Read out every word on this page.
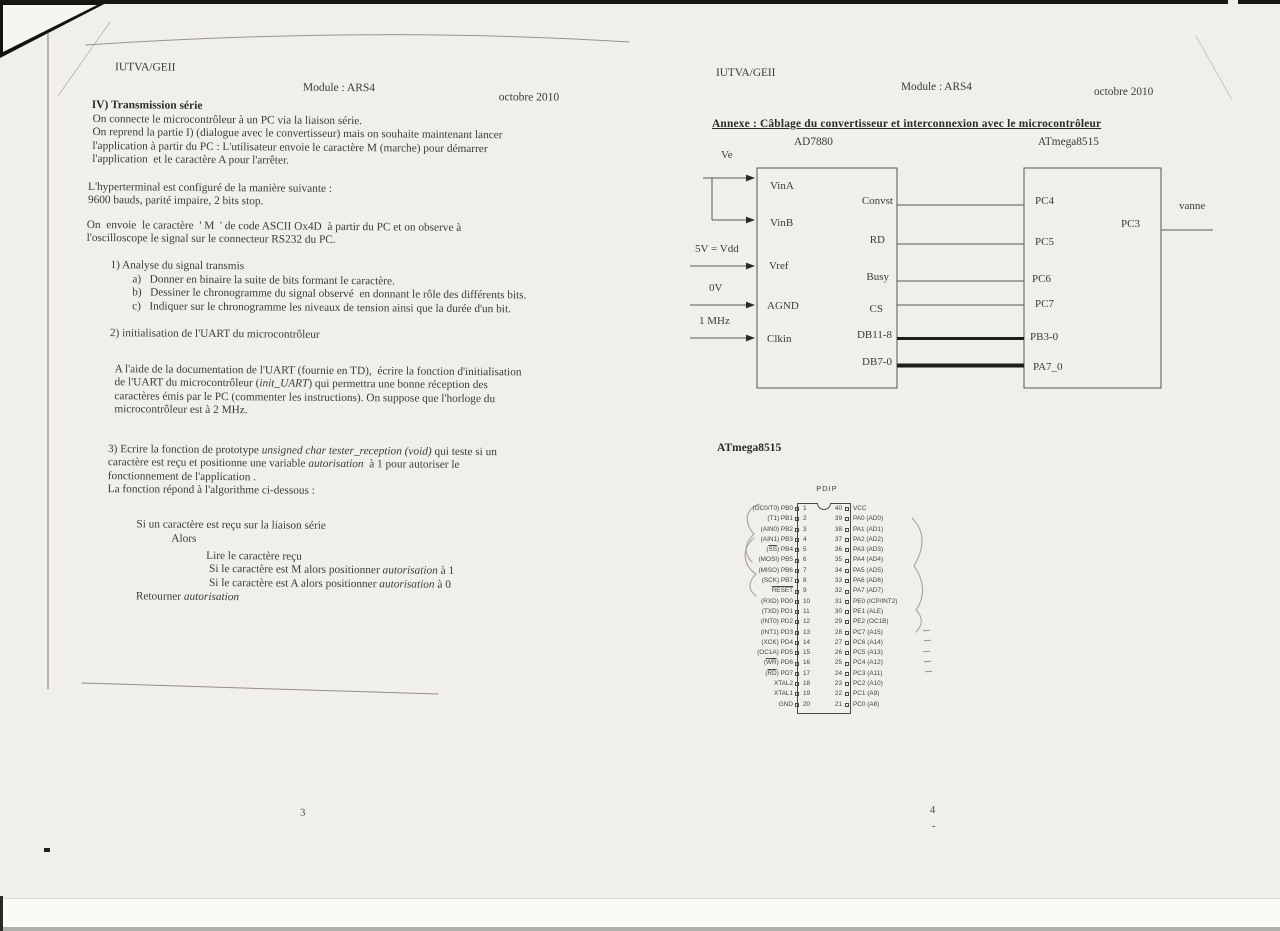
IUTVA/GEII
Module : ARS4
octobre 2010
IV) Transmission série
On connecte le microcontrôleur à un PC via la liaison série.
On reprend la partie I) (dialogue avec le convertisseur) mais on souhaite maintenant lancer
l'application à partir du PC : L'utilisateur envoie le caractère M (marche) pour démarrer
l'application  et le caractère A pour l'arrêter.
L'hyperterminal est configuré de la manière suivante :
9600 bauds, parité impaire, 2 bits stop.
On  envoie  le caractère  ' M  ' de code ASCII Ox4D  à partir du PC et on observe à
l'oscilloscope le signal sur le connecteur RS232 du PC.
1) Analyse du signal transmis
a)   Donner en binaire la suite de bits formant le caractère.
b)   Dessiner le chronogramme du signal observé  en donnant le rôle des différents bits.
c)   Indiquer sur le chronogramme les niveaux de tension ainsi que la durée d'un bit.
2) initialisation de l'UART du microcontrôleur
A l'aide de la documentation de l'UART (fournie en TD),  écrire la fonction d'initialisation
de l'UART du microcontrôleur (init_UART) qui permettra une bonne réception des
caractères émis par le PC (commenter les instructions). On suppose que l'horloge du
microcontrôleur est à 2 MHz.
3) Ecrire la fonction de prototype unsigned char tester_reception (void) qui teste si un
caractère est reçu et positionne une variable autorisation  à 1 pour autoriser le
fonctionnement de l'application .
La fonction répond à l'algorithme ci-dessous :
Si un caractère est reçu sur la liaison série
Alors
Lire le caractère reçu
Si le caractère est M alors positionner autorisation à 1
Si le caractère est A alors positionner autorisation à 0
Retourner autorisation
3
IUTVA/GEII
Module : ARS4	octobre 2010
Annexe : Câblage du convertisseur et interconnexion avec le microcontrôleur
AD7880	ATmega8515
Ve
5V = Vdd
0V
1 MHz
VinA
VinB
Vref
AGND
Clkin
Convst
RD
Busy
CS
DB11-8
DB7-0
PC4
PC5
PC6
PC7
PB3-0
PA7_0
PC3
vanne
ATmega8515
PDIP
(OC0/T0) PB0	1	40	VCC
(T1) PB1	2	39	PA0 (AD0)
(AIN0) PB2	3	38	PA1 (AD1)
(AIN1) PB3	4	37	PA2 (AD2)
$(\overline{SS})$ PB4	5	36	PA3 (AD3)
(MOSI) PB5	6	35	PA4 (AD4)
(MISO) PB6	7	34	PA5 (AD5)
(SCK) PB7	8	33	PA6 (AD6)
RESET	9	32	PA7 (AD7)
(RXD) PD0	10	31	PE0 (ICP/INT2)
(TXD) PD1	11	30	PE1 (ALE)
(INT0) PD2	12	29	PE2 (OC1B)
(INT1) PD3	13	28	PC7 (A15)
(XCK) PD4	14	27	PC6 (A14)
(OC1A) PD5	15	26	PC5 (A13)
$(\overline{WR})$ PD6	16	25	PC4 (A12)
$(\overline{RD})$ PD7	17	24	PC3 (A11)
XTAL2	18	23	PC2 (A10)
XTAL1	19	22	PC1 (A9)
GND	20	21	PC0 (A8)
4
-
